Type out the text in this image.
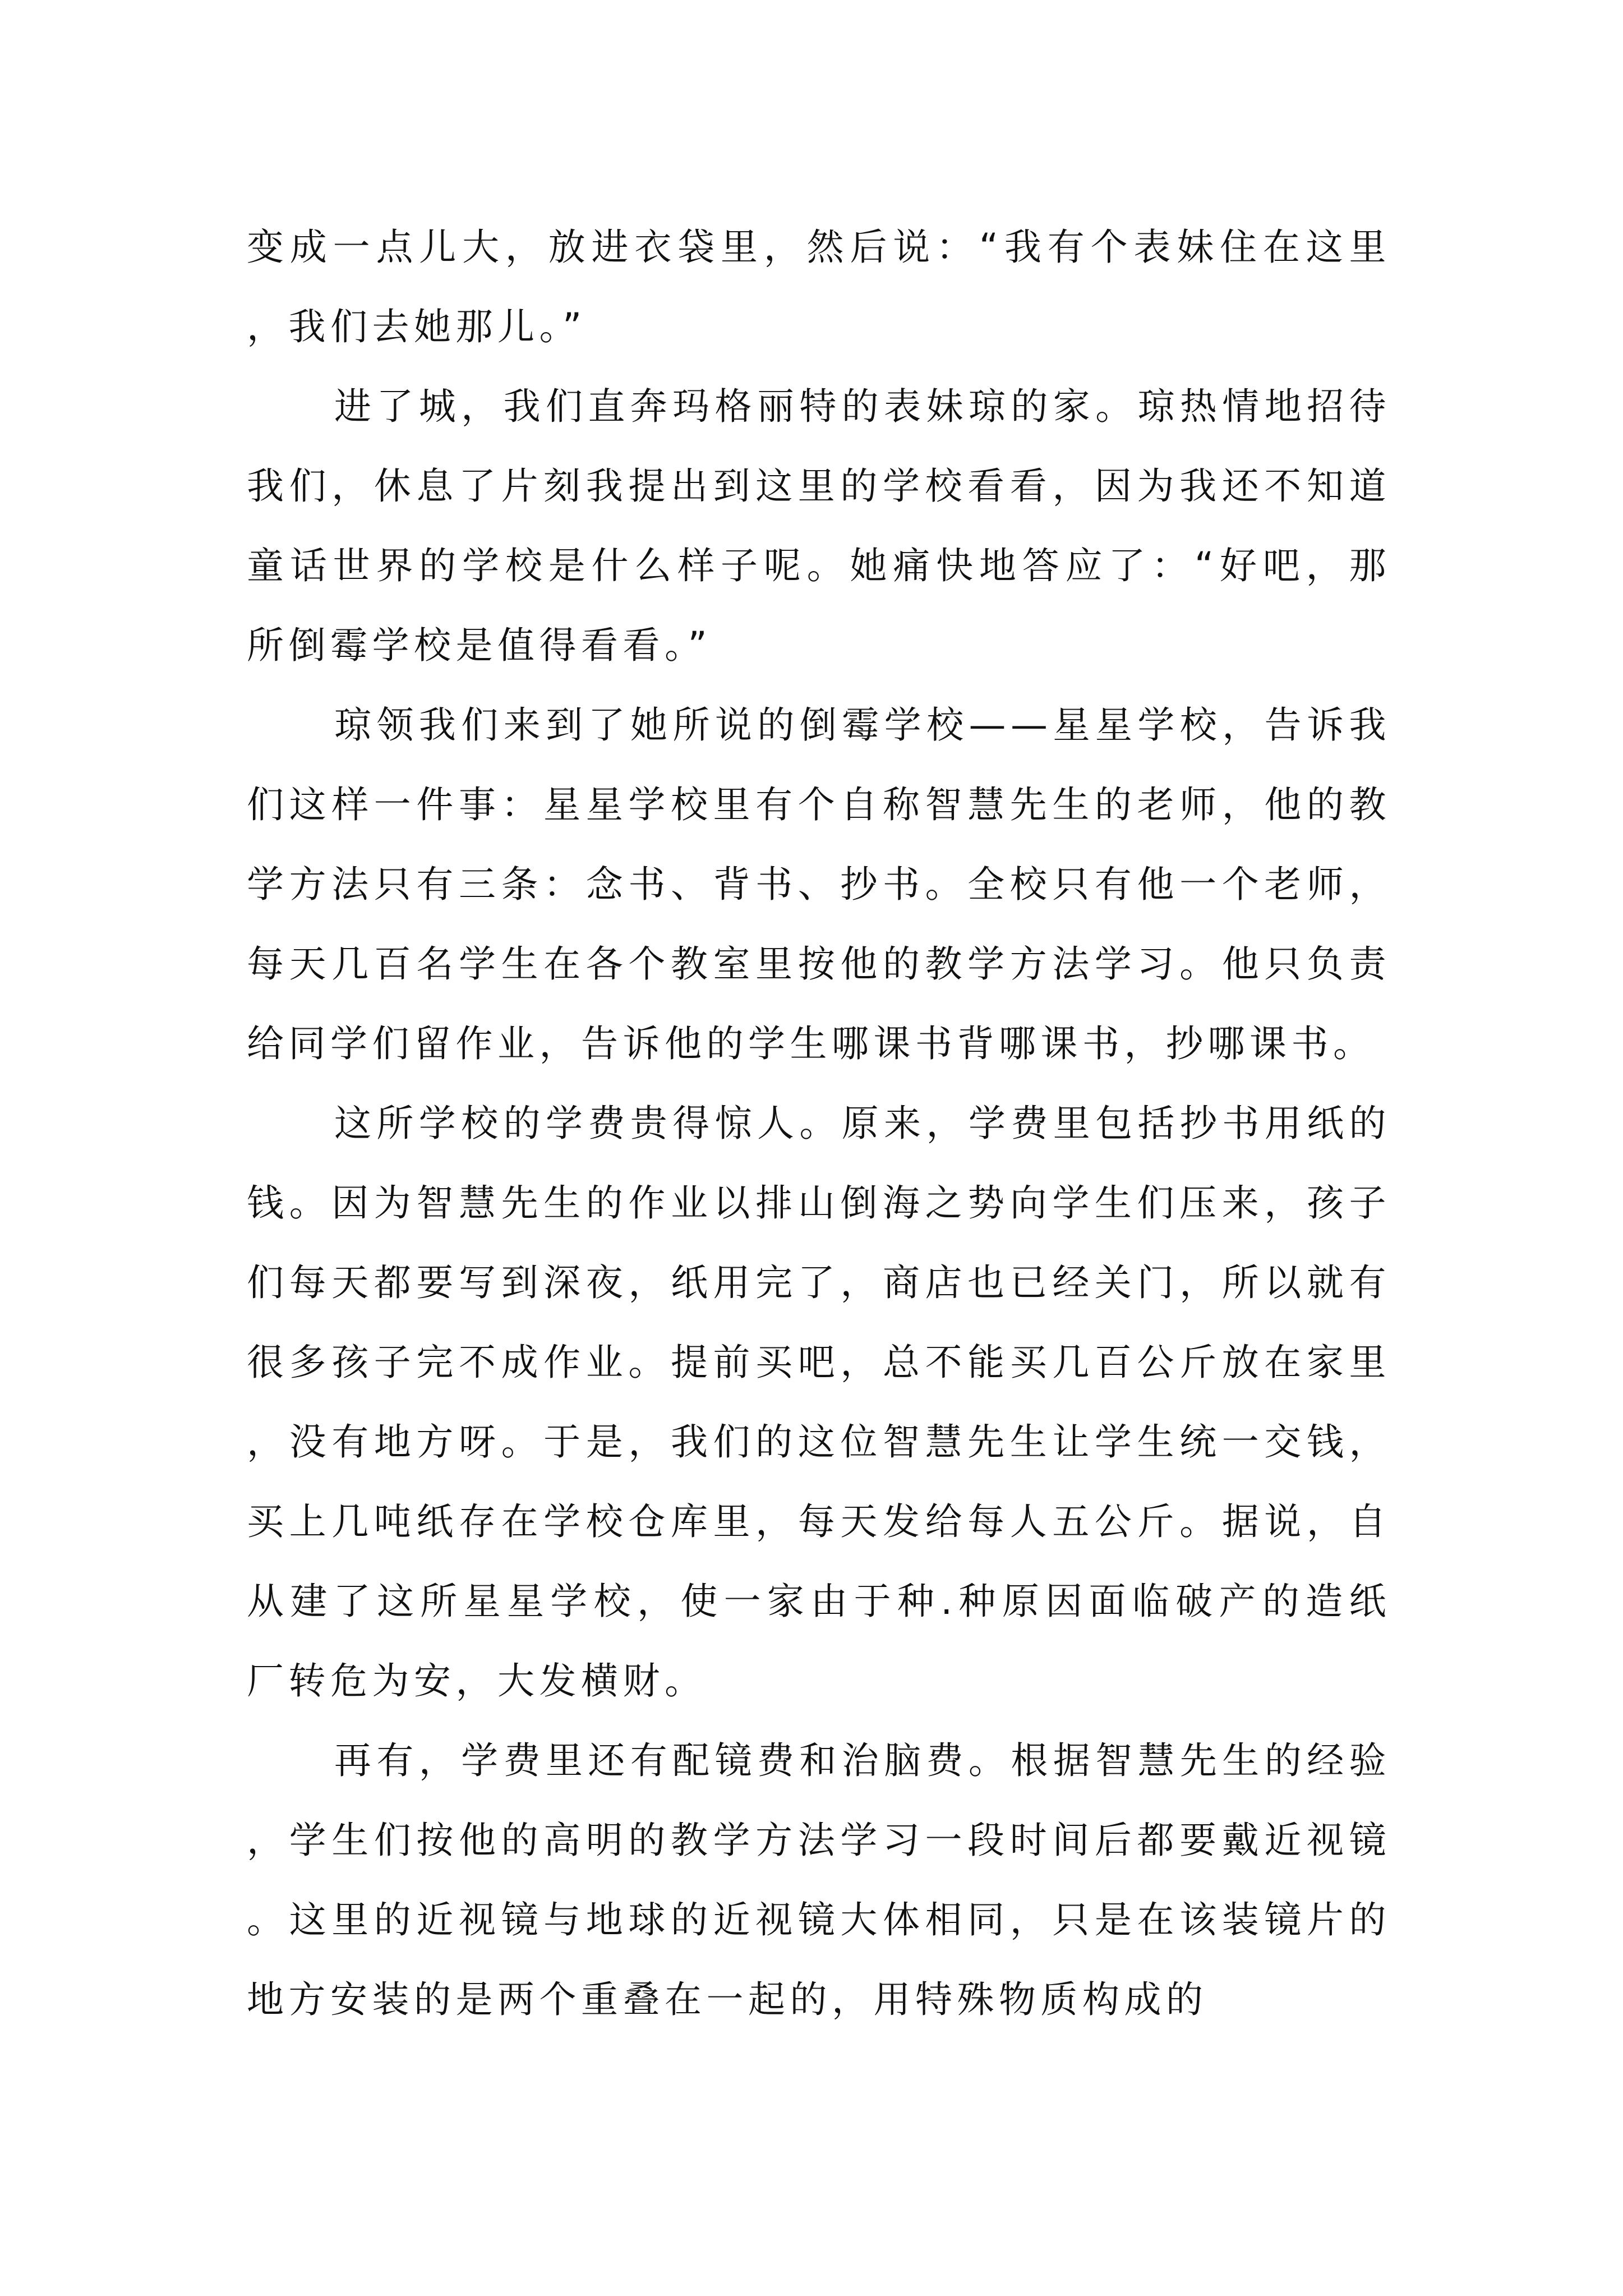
变成一点儿大，放进衣袋里，然后说：“我有个表妹住在这里，我们去她那儿。”

进了城，我们直奔玛格丽特的表妹琼的家。琼热情地招待我们，休息了片刻我提出到这里的学校看看，因为我还不知道童话世界的学校是什么样子呢。她痛快地答应了：“好吧，那所倒霉学校是值得看看。”

琼领我们来到了她所说的倒霉学校——星星学校，告诉我们这样一件事：星星学校里有个自称智慧先生的老师，他的教学方法只有三条：念书、背书、抄书。全校只有他一个老师，每天几百名学生在各个教室里按他的教学方法学习。他只负责给同学们留作业，告诉他的学生哪课书背哪课书，抄哪课书。

这所学校的学费贵得惊人。原来，学费里包括抄书用纸的钱。因为智慧先生的作业以排山倒海之势向学生们压来，孩子们每天都要写到深夜，纸用完了，商店也已经关门，所以就有很多孩子完不成作业。提前买吧，总不能买几百公斤放在家里，没有地方呀。于是，我们的这位智慧先生让学生统一交钱，买上几吨纸存在学校仓库里，每天发给每人五公斤。据说，自从建了这所星星学校，使一家由于种.种原因面临破产的造纸厂转危为安，大发横财。

再有，学费里还有配镜费和治脑费。根据智慧先生的经验，学生们按他的高明的教学方法学习一段时间后都要戴近视镜。这里的近视镜与地球的近视镜大体相同，只是在该装镜片的地方安装的是两个重叠在一起的，用特殊物质构成的
